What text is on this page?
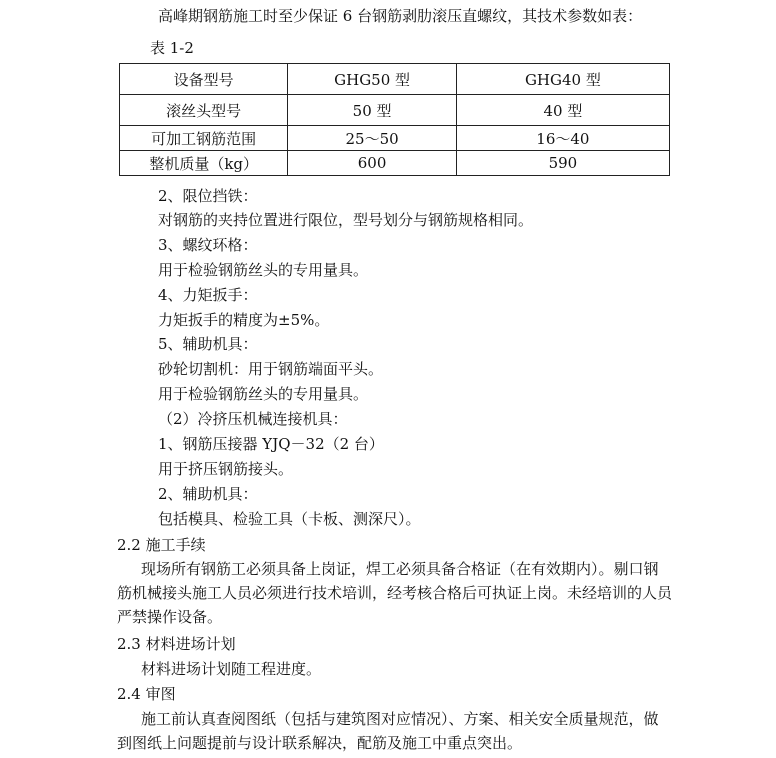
高峰期钢筋施工时至少保证 6 台钢筋剥肋滚压直螺纹，其技术参数如表：
表 1-2
设备型号	GHG50 型	GHG40 型
滚丝头型号	50 型	40 型
可加工钢筋范围	25～50	16～40
整机质量（kg）	600	590
2、限位挡铁：
对钢筋的夹持位置进行限位，型号划分与钢筋规格相同。
3、螺纹环格：
用于检验钢筋丝头的专用量具。
4、力矩扳手：
力矩扳手的精度为±5%。
5、辅助机具：
砂轮切割机：用于钢筋端面平头。
用于检验钢筋丝头的专用量具。
（2）冷挤压机械连接机具：
1、钢筋压接器 YJQ－32（2 台）
用于挤压钢筋接头。
2、辅助机具：
包括模具、检验工具（卡板、测深尺）。
2.2 施工手续
现场所有钢筋工必须具备上岗证，焊工必须具备合格证（在有效期内）。剔口钢筋机械接头施工人员必须进行技术培训，经考核合格后可执证上岗。未经培训的人员严禁操作设备。
2.3 材料进场计划
材料进场计划随工程进度。
2.4 审图
施工前认真查阅图纸（包括与建筑图对应情况）、方案、相关安全质量规范，做到图纸上问题提前与设计联系解决，配筋及施工中重点突出。
